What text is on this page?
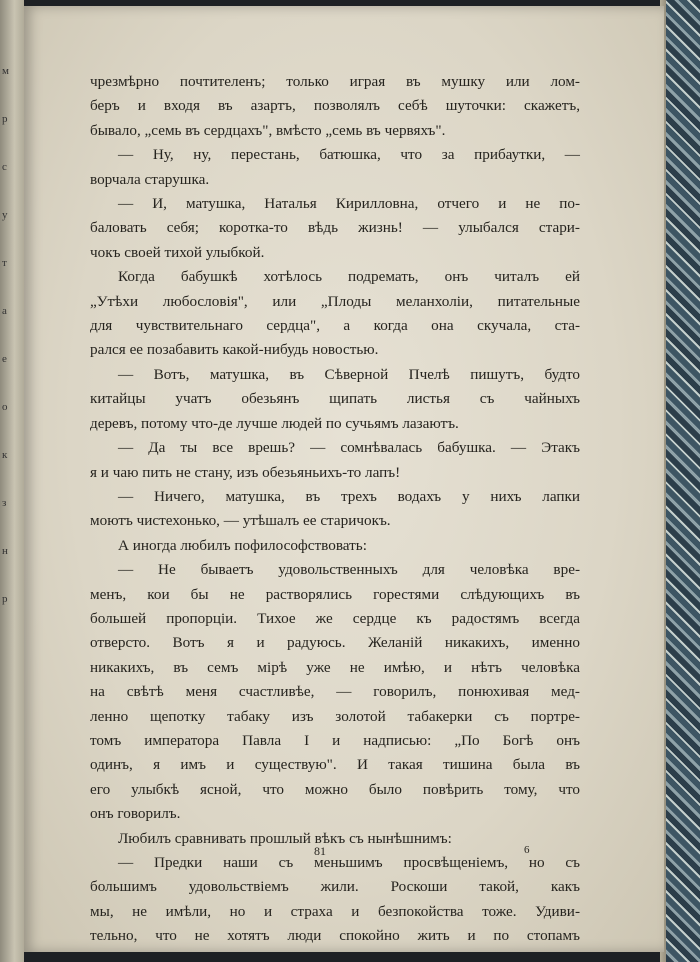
м
р
с
у
т
а
е
о
к
з
н
р
чрезмѣрно почтителенъ; только играя въ мушку или лом-
беръ и входя въ азартъ, позволялъ себѣ шуточки: скажетъ,
бывало, „семь въ сердцахъ", вмѣсто „семь въ червяхъ".
— Ну, ну, перестань, батюшка, что за прибаутки, —
ворчала старушка.
— И, матушка, Наталья Кирилловна, отчего и не по-
баловать себя; коротка-то вѣдь жизнь! — улыбался стари-
чокъ своей тихой улыбкой.
Когда бабушкѣ хотѣлось подремать, онъ читалъ ей
„Утѣхи любословія", или „Плоды меланхоліи, питательные
для чувствительнаго сердца", а когда она скучала, ста-
рался ее позабавить какой-нибудь новостью.
— Вотъ, матушка, въ Сѣверной Пчелѣ пишутъ, будто
китайцы учатъ обезьянъ щипать листья съ чайныхъ
деревъ, потому что-де лучше людей по сучьямъ лазаютъ.
— Да ты все врешь? — сомнѣвалась бабушка. — Этакъ
я и чаю пить не стану, изъ обезьяньихъ-то лапъ!
— Ничего, матушка, въ трехъ водахъ у нихъ лапки
моютъ чистехонько, — утѣшалъ ее старичокъ.
А иногда любилъ пофилософствовать:
— Не бываетъ удовольственныхъ для человѣка вре-
менъ, кои бы не растворялись горестями слѣдующихъ въ
большей пропорціи. Тихое же сердце къ радостямъ всегда
отверсто. Вотъ я и радуюсь. Желаній никакихъ, именно
никакихъ, въ семъ мірѣ уже не имѣю, и нѣтъ человѣка
на свѣтѣ меня счастливѣе, — говорилъ, понюхивая мед-
ленно щепотку табаку изъ золотой табакерки съ портре-
томъ императора Павла I и надписью: „По Богѣ онъ
одинъ, я имъ и существую". И такая тишина была въ
его улыбкѣ ясной, что можно было повѣрить тому, что
онъ говорилъ.
Любилъ сравнивать прошлый вѣкъ съ нынѣшнимъ:
— Предки наши съ меньшимъ просвѣщеніемъ, но съ
большимъ удовольствіемъ жили. Роскоши такой, какъ
мы, не имѣли, но и страха и безпокойства тоже. Удиви-
тельно, что не хотятъ люди спокойно жить и по стопамъ
81	6
